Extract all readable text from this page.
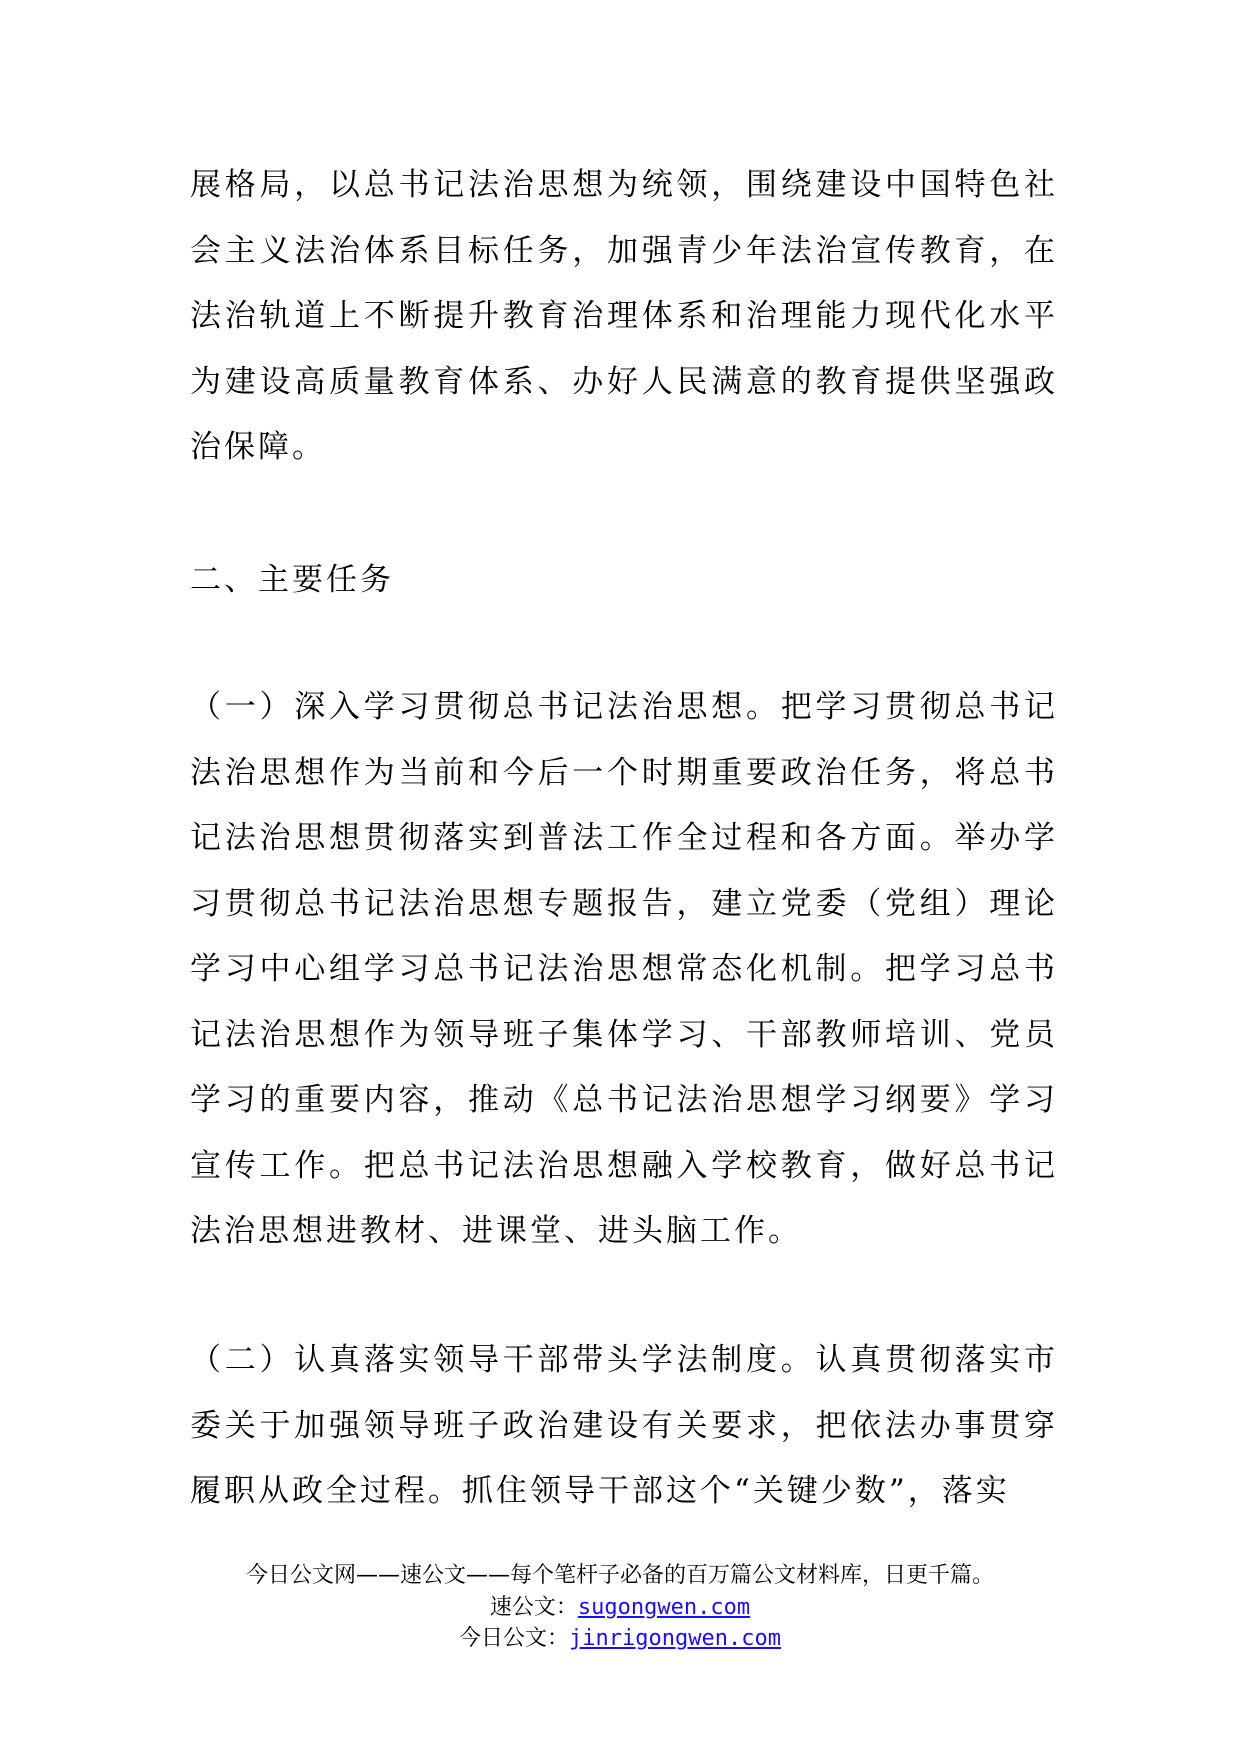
展格局，以总书记法治思想为统领，围绕建设中国特色社会主义法治体系目标任务，加强青少年法治宣传教育，在法治轨道上不断提升教育治理体系和治理能力现代化水平为建设高质量教育体系、办好人民满意的教育提供坚强政治保障。

二、主要任务

（一）深入学习贯彻总书记法治思想。把学习贯彻总书记法治思想作为当前和今后一个时期重要政治任务，将总书记法治思想贯彻落实到普法工作全过程和各方面。举办学习贯彻总书记法治思想专题报告，建立党委（党组）理论学习中心组学习总书记法治思想常态化机制。把学习总书记法治思想作为领导班子集体学习、干部教师培训、党员学习的重要内容，推动《总书记法治思想学习纲要》学习宣传工作。把总书记法治思想融入学校教育，做好总书记法治思想进教材、进课堂、进头脑工作。

（二）认真落实领导干部带头学法制度。认真贯彻落实市委关于加强领导班子政治建设有关要求，把依法办事贯穿履职从政全过程。抓住领导干部这个“关键少数”，落实

今日公文网——速公文——每个笔杆子必备的百万篇公文材料库，日更千篇。
速公文：sugongwen.com
今日公文：jinrigongwen.com
